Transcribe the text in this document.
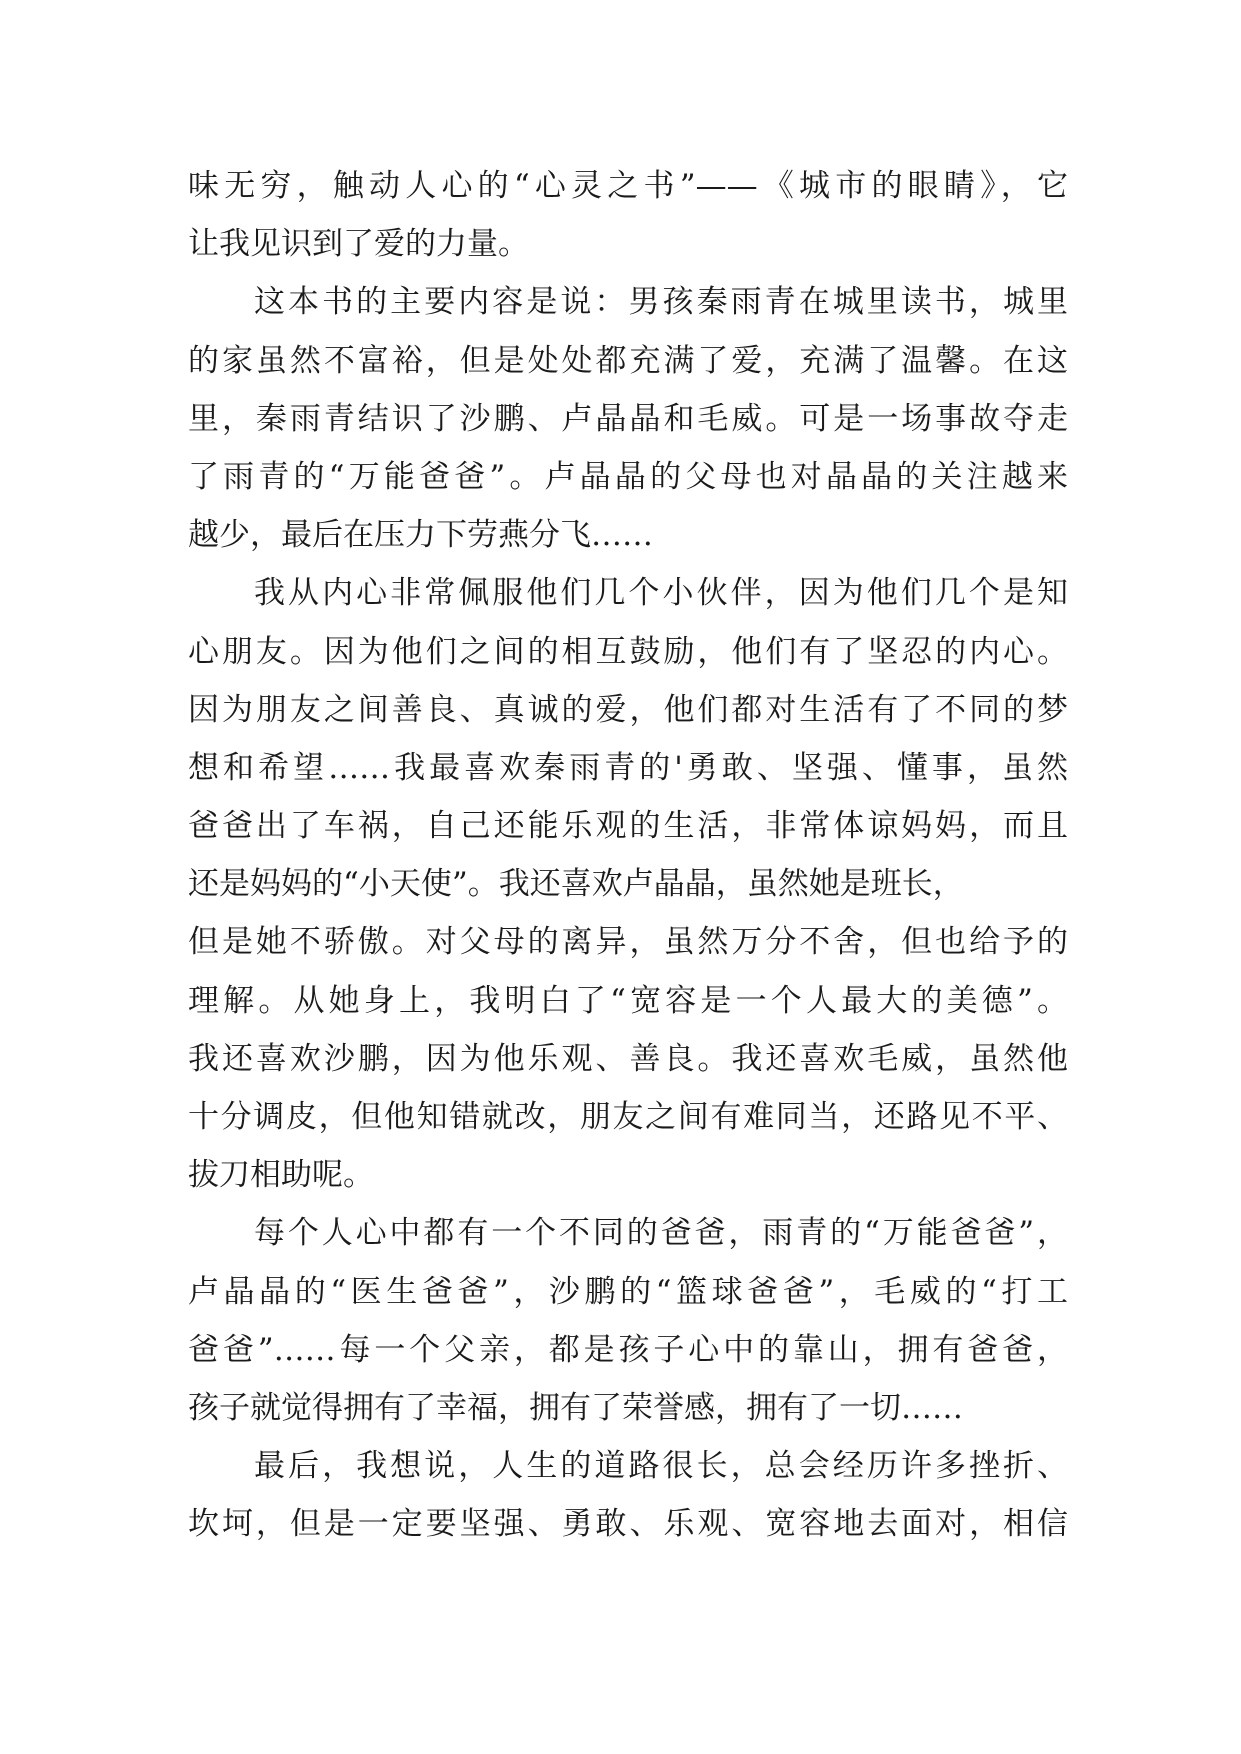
味无穷，触动人心的“心灵之书”——《城市的眼睛》，它
让我见识到了爱的力量。
这本书的主要内容是说：男孩秦雨青在城里读书，城里
的家虽然不富裕，但是处处都充满了爱，充满了温馨。在这
里，秦雨青结识了沙鹏、卢晶晶和毛威。可是一场事故夺走
了雨青的“万能爸爸”。卢晶晶的父母也对晶晶的关注越来
越少，最后在压力下劳燕分飞……
我从内心非常佩服他们几个小伙伴，因为他们几个是知
心朋友。因为他们之间的相互鼓励，他们有了坚忍的内心。
因为朋友之间善良、真诚的爱，他们都对生活有了不同的梦
想和希望……我最喜欢秦雨青的'勇敢、坚强、懂事，虽然
爸爸出了车祸，自己还能乐观的生活，非常体谅妈妈，而且
还是妈妈的“小天使”。我还喜欢卢晶晶，虽然她是班长，
但是她不骄傲。对父母的离异，虽然万分不舍，但也给予的
理解。从她身上，我明白了“宽容是一个人最大的美德”。
我还喜欢沙鹏，因为他乐观、善良。我还喜欢毛威，虽然他
十分调皮，但他知错就改，朋友之间有难同当，还路见不平、
拔刀相助呢。
每个人心中都有一个不同的爸爸，雨青的“万能爸爸”，
卢晶晶的“医生爸爸”，沙鹏的“篮球爸爸”，毛威的“打工
爸爸”……每一个父亲，都是孩子心中的靠山，拥有爸爸，
孩子就觉得拥有了幸福，拥有了荣誉感，拥有了一切……
最后，我想说，人生的道路很长，总会经历许多挫折、
坎坷，但是一定要坚强、勇敢、乐观、宽容地去面对，相信
